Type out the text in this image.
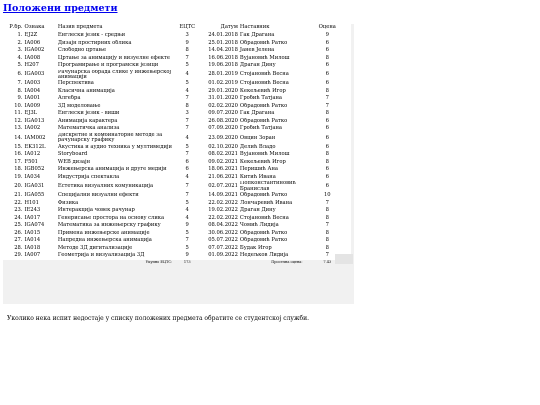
Положени предмети
Р.бр.	Ознака	Назив предмета	ЕЦТС	Датум	Наставник	Оцена
1.	ЕЈ2Z	Енглески језик - средњи	3	24.01.2018	Гак Драгана	9
2.	IA006	Дизајн простирних облика	9	25.01.2018	Обрадовић Ратко	6
3.	IGA002	Слободно цртање	8	14.04.2018	Јанев Јелена	6
4.	IA008	Цртање за анимацију и визуелне ефекте	7	16.06.2018	Вујановић Милош	8
5.	H207	Програмирање и програмски језици	5	19.06.2018	Драган Дину	6
6.	IGA003	Рачунарска обрада слике у инжењерској анимацији	4	28.01.2019	Стојановић Весна	6
7.	IA003	Перспектива	5	01.02.2019	Стојановић Весна	6
8.	IA004	Класична анимација	4	29.01.2020	Кекељевић Игор	8
9.	IA001	Алгебра	7	31.01.2020	Гробић Татјана	7
10.	IA009	3Д моделовање	8	02.02.2020	Обрадовић Ратко	7
11.	ЕЈ3L	Енглески језик - виши	3	09.07.2020	Гак Драгана	8
12.	IGA013	Анимација карактера	7	26.08.2020	Обрадовић Ратко	6
13.	IA002	Математичка анализа	7	07.09.2020	Гробић Татјана	6
14.	IAM002	Дискретне и комбинаторне методе за рачунарску графику	4	23.09.2020	Овцин Зоран	6
15.	EK312L	Акустика и аудио техника у мултимедији	5	02.10.2020	Делић Владо	6
16.	IA012	Storyboard	7	08.02.2021	Вујановић Милош	8
17.	F501	WEB дизајн	6	09.02.2021	Кекељевић Игор	8
18.	IGB052	Инжењерска анимација и друге медији	6	18.06.2021	Перишић Ана	6
19.	IA034	Индустрија спектакла	4	21.06.2021	Китић Ивана	6
20.	IGA031	Естетика визуалних комуникација	7	02.07.2021	Попконстантиновић Бранислав	6
21.	IGA055	Специјални визуални ефекти	7	14.09.2021	Обрадовић Ратко	10
22.	H101	Физика	5	22.02.2022	Лончаревић Ивана	7
23.	IE243	Интеракција човек рачунар	4	19.02.2022	Драган Дину	8
24.	IA017	Генерисање простора на основу слика	4	22.02.2022	Стојановић Весна	8
25.	IGA074	Математика за инжењерску графику	9	08.04.2022	Чомић Лидија	7
26.	IA015	Примена инжењерске анимације	5	30.06.2022	Обрадовић Ратко	8
27.	IA014	Напредна инжењерска анимација	7	05.07.2022	Обрадовић Ратко	8
28.	IA018	Методе 3Д дигитализације	5	07.07.2022	Будак Игор	8
29.	IA007	Геометрија и визуализација 3Д	9	01.09.2022	Недељков Лидија	7
		Укупно ЕЦТС:	173		Просечна оцена:	7.43
Уколико нека испит недостаје у списку положених предмета обратите се студентској служби.
